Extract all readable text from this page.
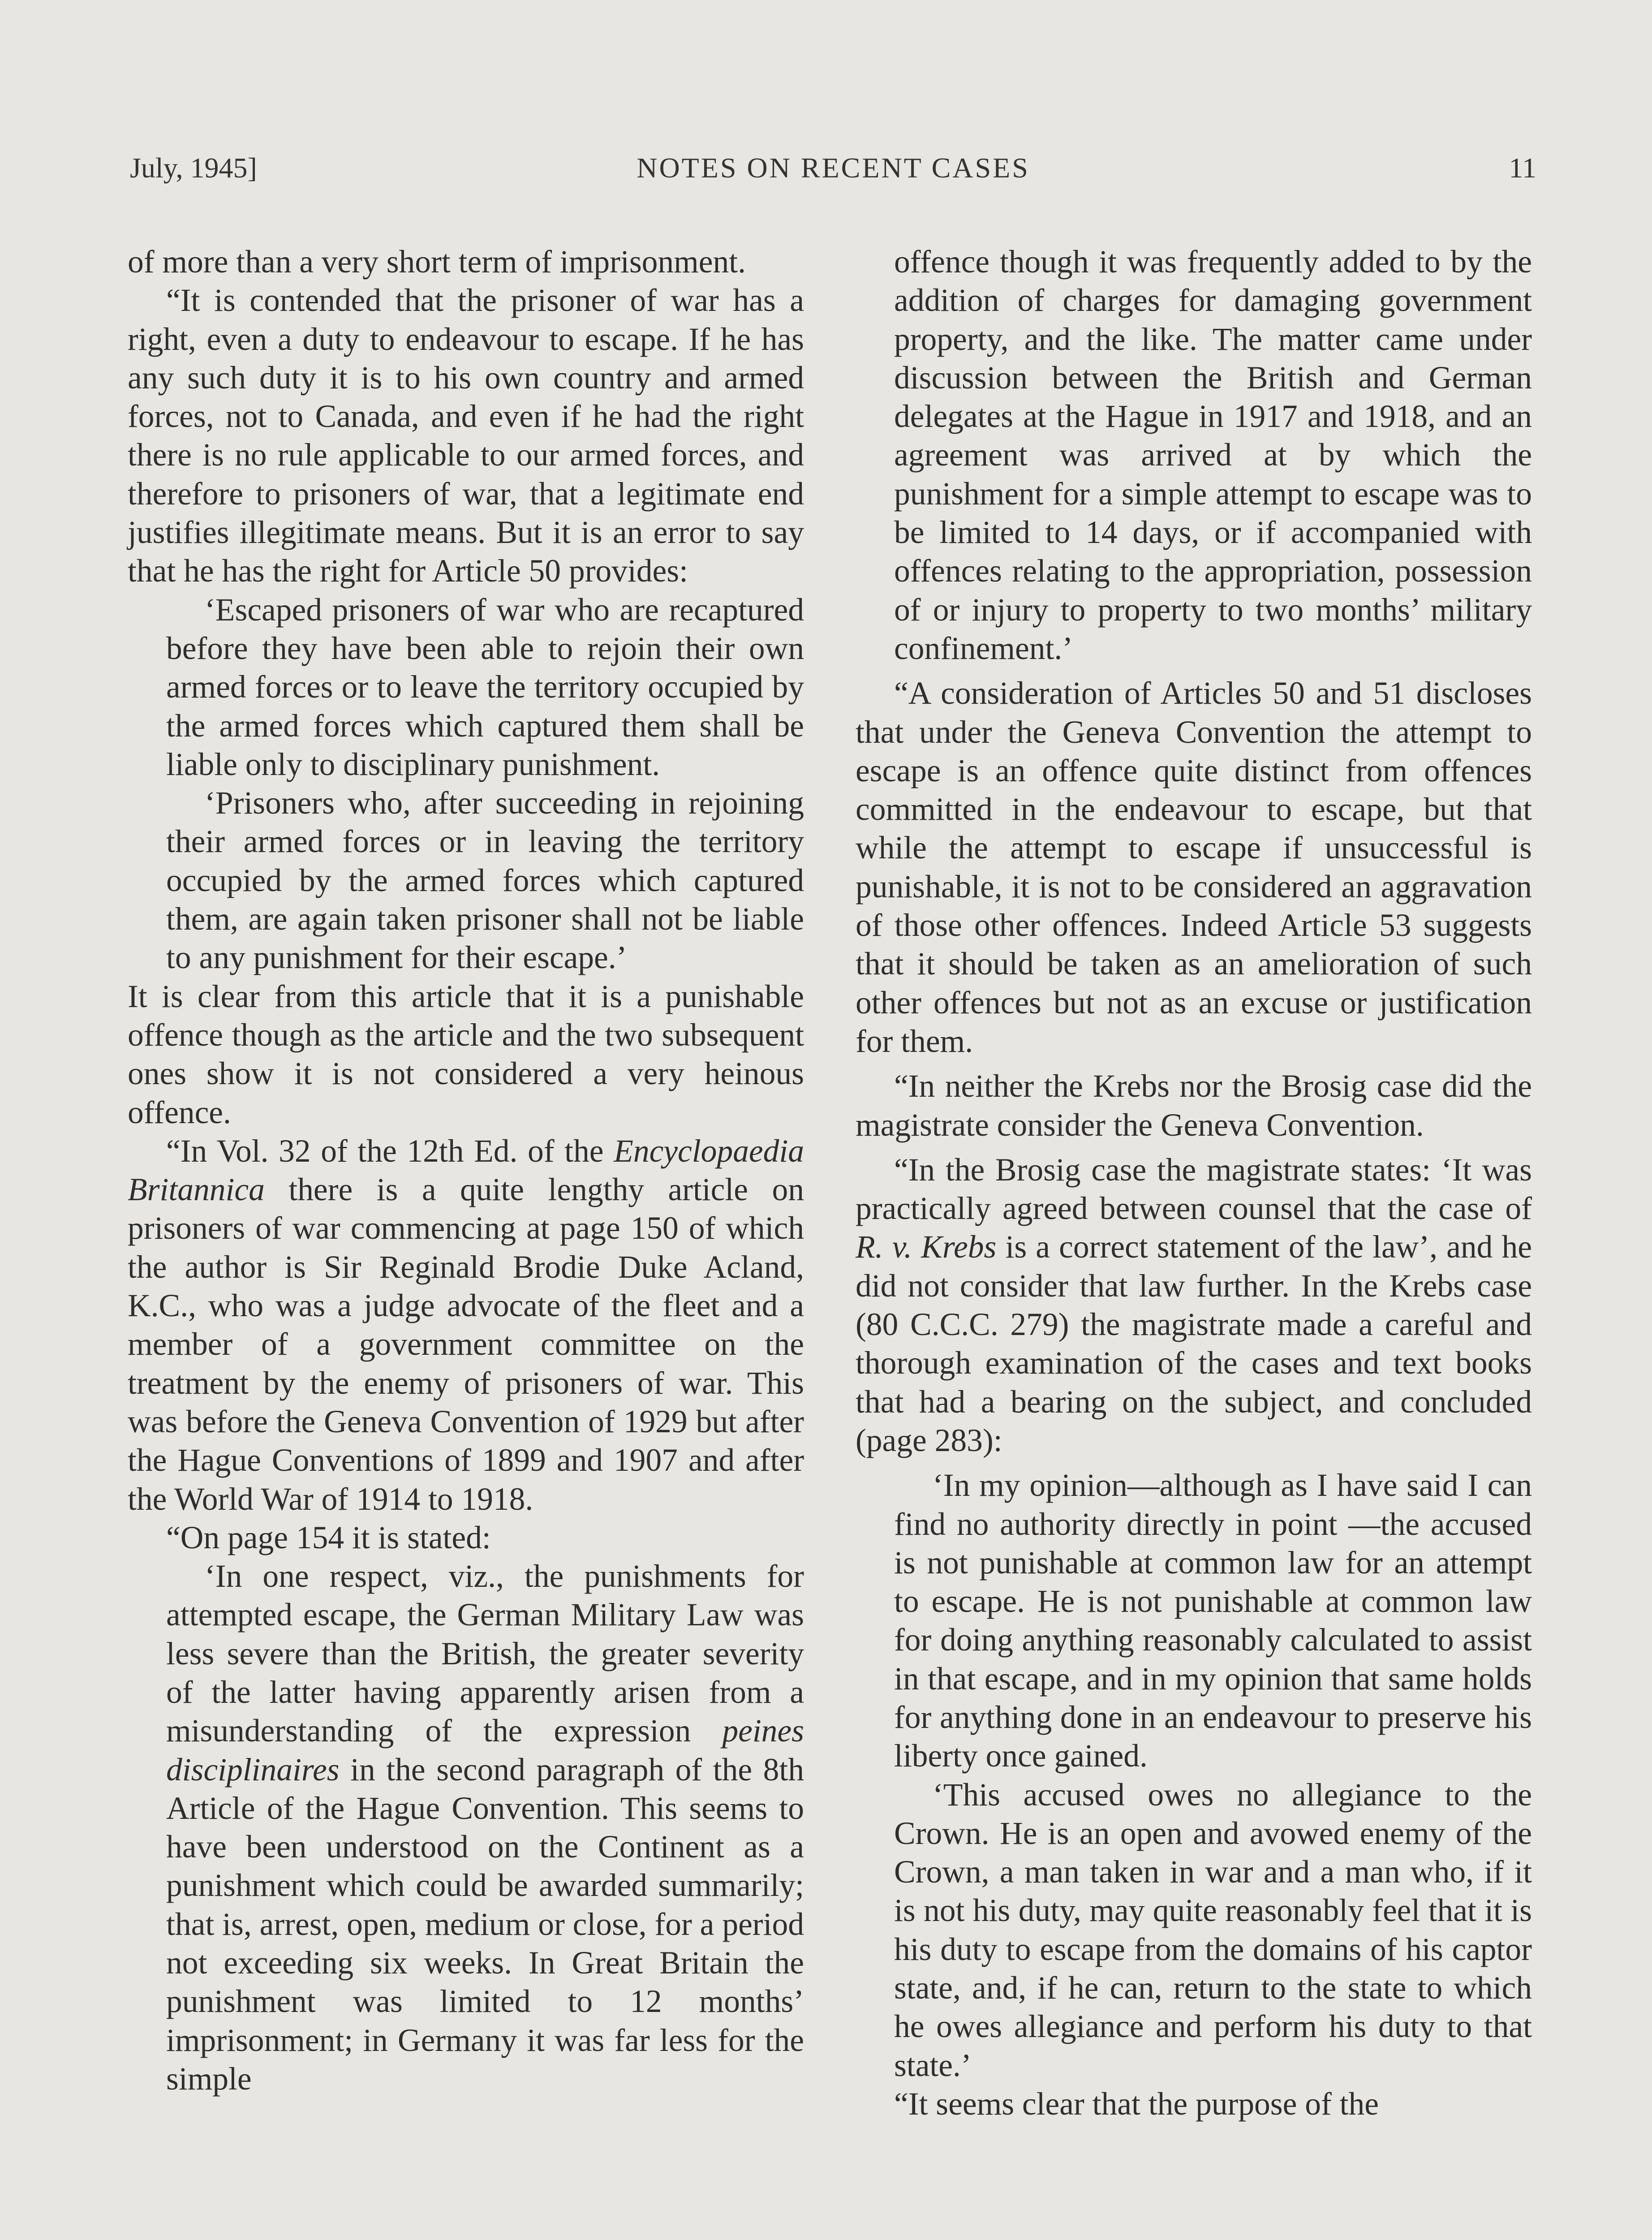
July, 1945]	NOTES ON RECENT CASES	11

of more than a very short term of imprisonment.

“It is contended that the prisoner of war has a right, even a duty to endeavour to escape. If he has any such duty it is to his own country and armed forces, not to Canada, and even if he had the right there is no rule applicable to our armed forces, and therefore to prisoners of war, that a legitimate end justifies illegitimate means. But it is an error to say that he has the right for Article 50 provides:

‘Escaped prisoners of war who are recaptured before they have been able to rejoin their own armed forces or to leave the territory occupied by the armed forces which captured them shall be liable only to disciplinary punishment.

‘Prisoners who, after succeeding in rejoining their armed forces or in leaving the territory occupied by the armed forces which captured them, are again taken prisoner shall not be liable to any punishment for their escape.’

It is clear from this article that it is a punishable offence though as the article and the two subsequent ones show it is not considered a very heinous offence.

“In Vol. 32 of the 12th Ed. of the Encyclopaedia Britannica there is a quite lengthy article on prisoners of war commencing at page 150 of which the author is Sir Reginald Brodie Duke Acland, K.C., who was a judge advocate of the fleet and a member of a government committee on the treatment by the enemy of prisoners of war. This was before the Geneva Convention of 1929 but after the Hague Conventions of 1899 and 1907 and after the World War of 1914 to 1918.

“On page 154 it is stated:

‘In one respect, viz., the punishments for attempted escape, the German Military Law was less severe than the British, the greater severity of the latter having apparently arisen from a misunderstanding of the expression peines disciplinaires in the second paragraph of the 8th Article of the Hague Convention. This seems to have been understood on the Continent as a punishment which could be awarded summarily; that is, arrest, open, medium or close, for a period not exceeding six weeks. In Great Britain the punishment was limited to 12 months’ imprisonment; in Germany it was far less for the simple

offence though it was frequently added to by the addition of charges for damaging government property, and the like. The matter came under discussion between the British and German delegates at the Hague in 1917 and 1918, and an agreement was arrived at by which the punishment for a simple attempt to escape was to be limited to 14 days, or if accompanied with offences relating to the appropriation, possession of or injury to property to two months’ military confinement.’

“A consideration of Articles 50 and 51 discloses that under the Geneva Convention the attempt to escape is an offence quite distinct from offences committed in the endeavour to escape, but that while the attempt to escape if unsuccessful is punishable, it is not to be considered an aggravation of those other offences. Indeed Article 53 suggests that it should be taken as an amelioration of such other offences but not as an excuse or justification for them.

“In neither the Krebs nor the Brosig case did the magistrate consider the Geneva Convention.

“In the Brosig case the magistrate states: ‘It was practically agreed between counsel that the case of R. v. Krebs is a correct statement of the law’, and he did not consider that law further. In the Krebs case (80 C.C.C. 279) the magistrate made a careful and thorough examination of the cases and text books that had a bearing on the subject, and concluded (page 283):

‘In my opinion—although as I have said I can find no authority directly in point —the accused is not punishable at common law for an attempt to escape. He is not punishable at common law for doing anything reasonably calculated to assist in that escape, and in my opinion that same holds for anything done in an endeavour to preserve his liberty once gained.

‘This accused owes no allegiance to the Crown. He is an open and avowed enemy of the Crown, a man taken in war and a man who, if it is not his duty, may quite reasonably feel that it is his duty to escape from the domains of his captor state, and, if he can, return to the state to which he owes allegiance and perform his duty to that state.’

“It seems clear that the purpose of the
